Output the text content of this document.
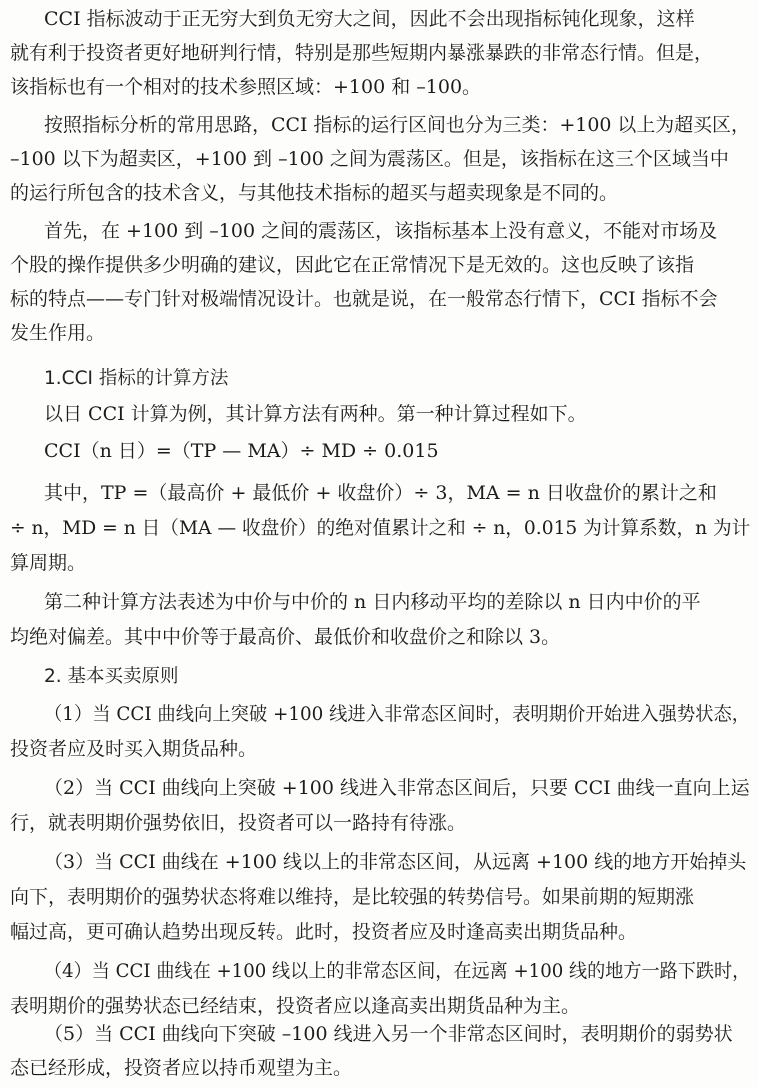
CCI 指标波动于正无穷大到负无穷大之间，因此不会出现指标钝化现象，这样
就有利于投资者更好地研判行情，特别是那些短期内暴涨暴跌的非常态行情。但是，
该指标也有一个相对的技术参照区域：+100 和 –100。
按照指标分析的常用思路，CCI 指标的运行区间也分为三类：+100 以上为超买区，
–100 以下为超卖区，+100 到 –100 之间为震荡区。但是，该指标在这三个区域当中
的运行所包含的技术含义，与其他技术指标的超买与超卖现象是不同的。
首先，在 +100 到 –100 之间的震荡区，该指标基本上没有意义，不能对市场及
个股的操作提供多少明确的建议，因此它在正常情况下是无效的。这也反映了该指
标的特点——专门针对极端情况设计。也就是说，在一般常态行情下，CCI 指标不会
发生作用。
1.CCI 指标的计算方法
以日 CCI 计算为例，其计算方法有两种。第一种计算过程如下。
CCI（n 日）=（TP — MA）÷ MD ÷ 0.015
其中，TP =（最高价 + 最低价 + 收盘价）÷ 3，MA = n 日收盘价的累计之和
÷ n，MD = n 日（MA — 收盘价）的绝对值累计之和 ÷ n，0.015 为计算系数，n 为计
算周期。
第二种计算方法表述为中价与中价的 n 日内移动平均的差除以 n 日内中价的平
均绝对偏差。其中中价等于最高价、最低价和收盘价之和除以 3。
2. 基本买卖原则
（1）当 CCI 曲线向上突破 +100 线进入非常态区间时，表明期价开始进入强势状态，
投资者应及时买入期货品种。
（2）当 CCI 曲线向上突破 +100 线进入非常态区间后，只要 CCI 曲线一直向上运
行，就表明期价强势依旧，投资者可以一路持有待涨。
（3）当 CCI 曲线在 +100 线以上的非常态区间，从远离 +100 线的地方开始掉头
向下，表明期价的强势状态将难以维持，是比较强的转势信号。如果前期的短期涨
幅过高，更可确认趋势出现反转。此时，投资者应及时逢高卖出期货品种。
（4）当 CCI 曲线在 +100 线以上的非常态区间，在远离 +100 线的地方一路下跌时，
表明期价的强势状态已经结束，投资者应以逢高卖出期货品种为主。
（5）当 CCI 曲线向下突破 –100 线进入另一个非常态区间时，表明期价的弱势状
态已经形成，投资者应以持币观望为主。
